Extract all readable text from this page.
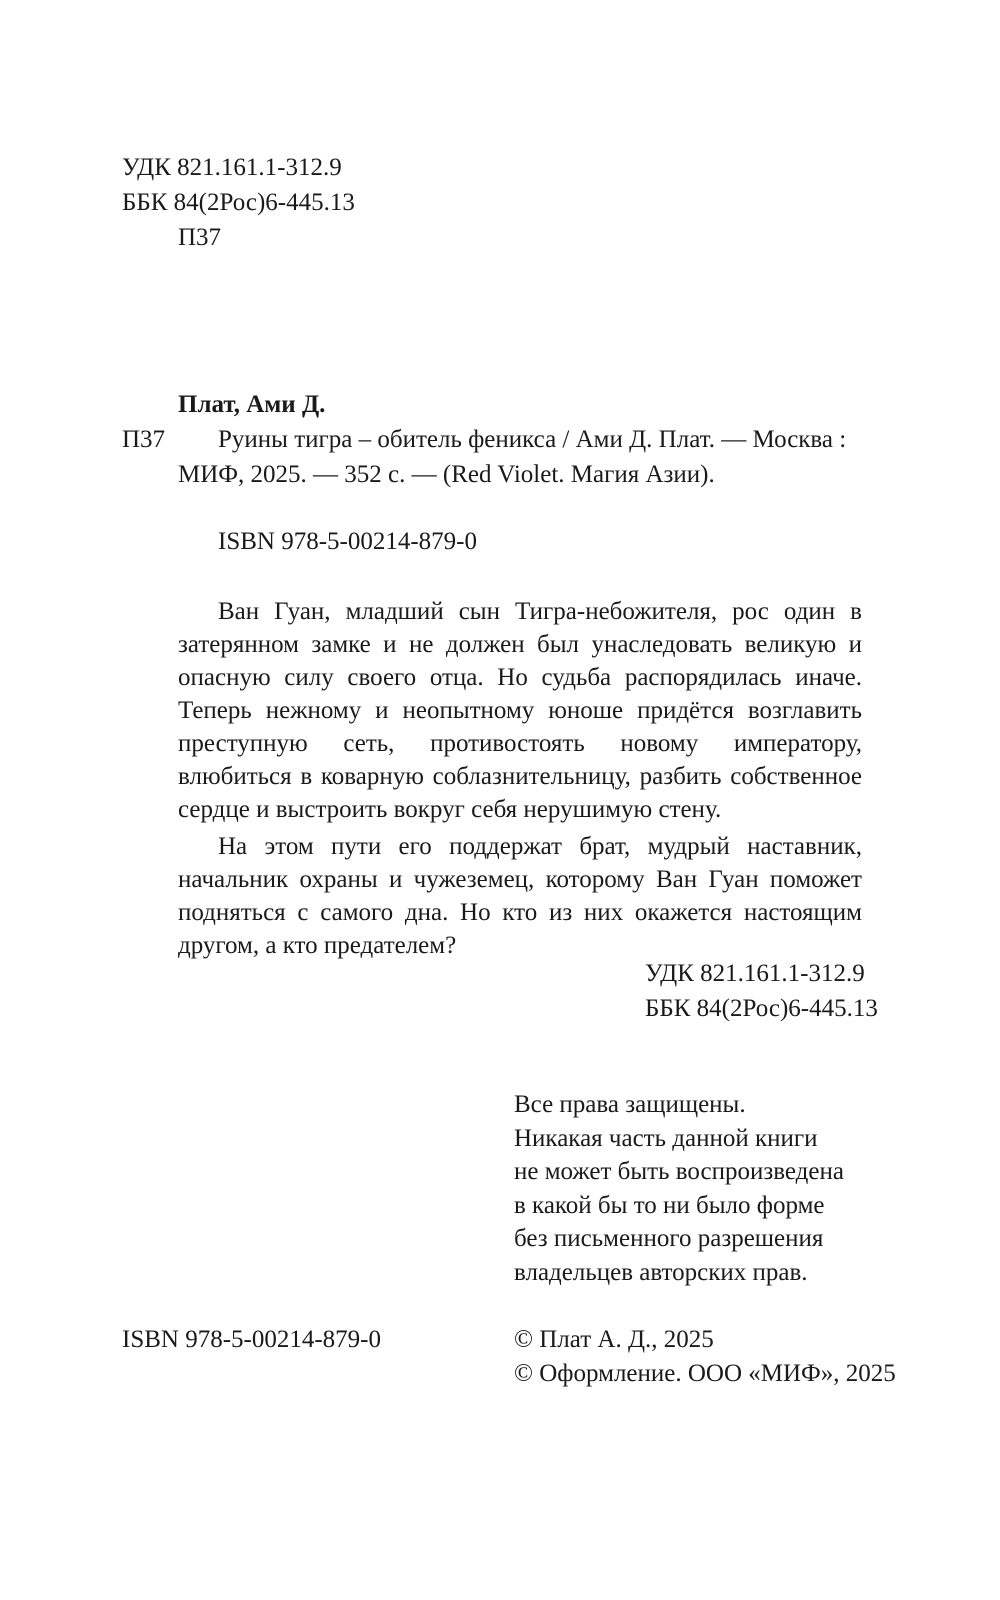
УДК 821.161.1-312.9
ББК 84(2Рос)6-445.13
П37
Плат, Ами Д.
П37 Руины тигра – обитель феникса / Ами Д. Плат. — Москва :
МИФ, 2025. — 352 с. — (Red Violet. Магия Азии).
ISBN 978-5-00214-879-0

Ван Гуан, младший сын Тигра-небожителя, рос один в затерянном замке и не должен был унаследовать великую и опасную силу своего отца. Но судьба распорядилась иначе. Теперь нежному и неопытному юноше придётся возглавить преступную сеть, противостоять новому императору, влюбиться в коварную соблазнительницу, разбить собственное сердце и выстроить вокруг себя нерушимую стену.

На этом пути его поддержат брат, мудрый наставник, начальник охраны и чужеземец, которому Ван Гуан поможет подняться с самого дна. Но кто из них окажется настоящим другом, а кто предателем?

УДК 821.161.1-312.9
ББК 84(2Рос)6-445.13
Все права защищены.
Никакая часть данной книги
не может быть воспроизведена
в какой бы то ни было форме
без письменного разрешения
владельцев авторских прав.
ISBN 978-5-00214-879-0	© Плат А. Д., 2025
© Оформление. ООО «МИФ», 2025
